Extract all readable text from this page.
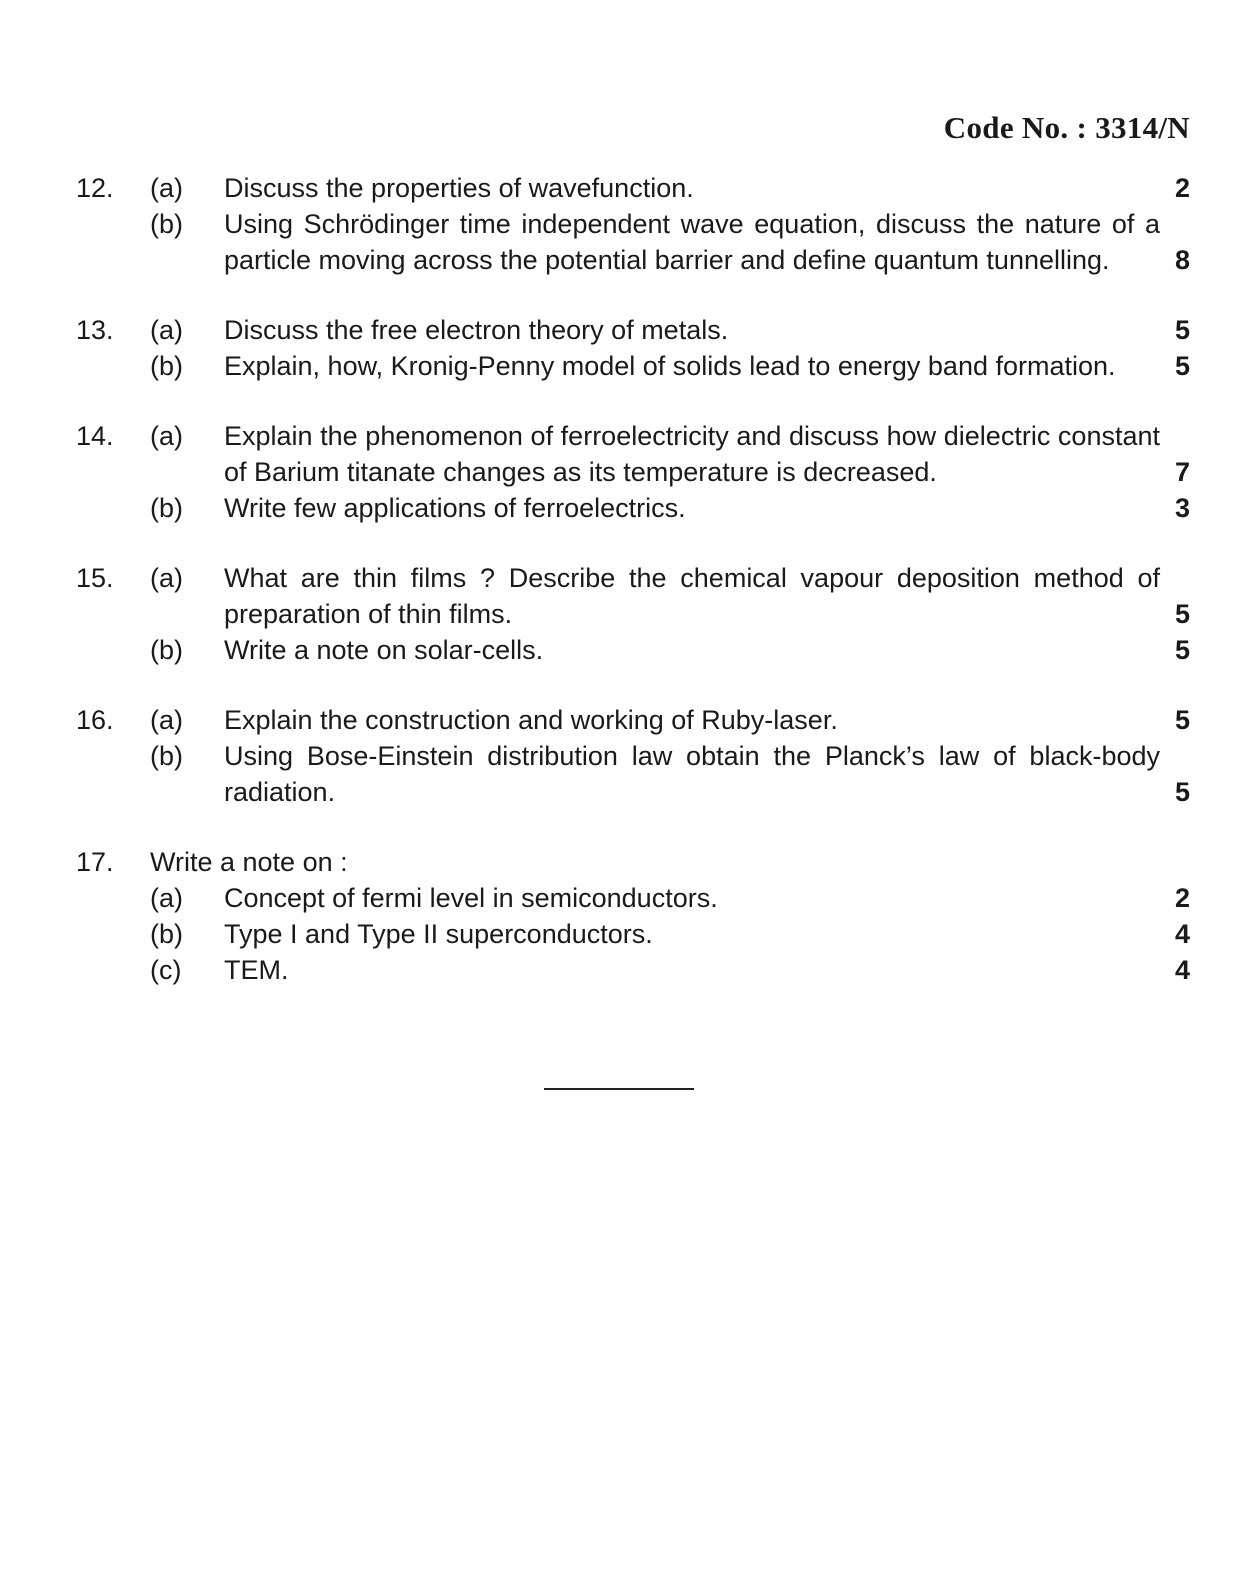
Code No. : 3314/N
12. (a) Discuss the properties of wavefunction.	2
(b) Using Schrödinger time independent wave equation, discuss the nature of a particle moving across the potential barrier and define quantum tunnelling.	8
13. (a) Discuss the free electron theory of metals.	5
(b) Explain, how, Kronig-Penny model of solids lead to energy band formation.	5
14. (a) Explain the phenomenon of ferroelectricity and discuss how dielectric constant of Barium titanate changes as its temperature is decreased.	7
(b) Write few applications of ferroelectrics.	3
15. (a) What are thin films ? Describe the chemical vapour deposition method of preparation of thin films.	5
(b) Write a note on solar-cells.	5
16. (a) Explain the construction and working of Ruby-laser.	5
(b) Using Bose-Einstein distribution law obtain the Planck’s law of black-body radiation.	5
17. Write a note on :
(a) Concept of fermi level in semiconductors.	2
(b) Type I and Type II superconductors.	4
(c) TEM.	4
